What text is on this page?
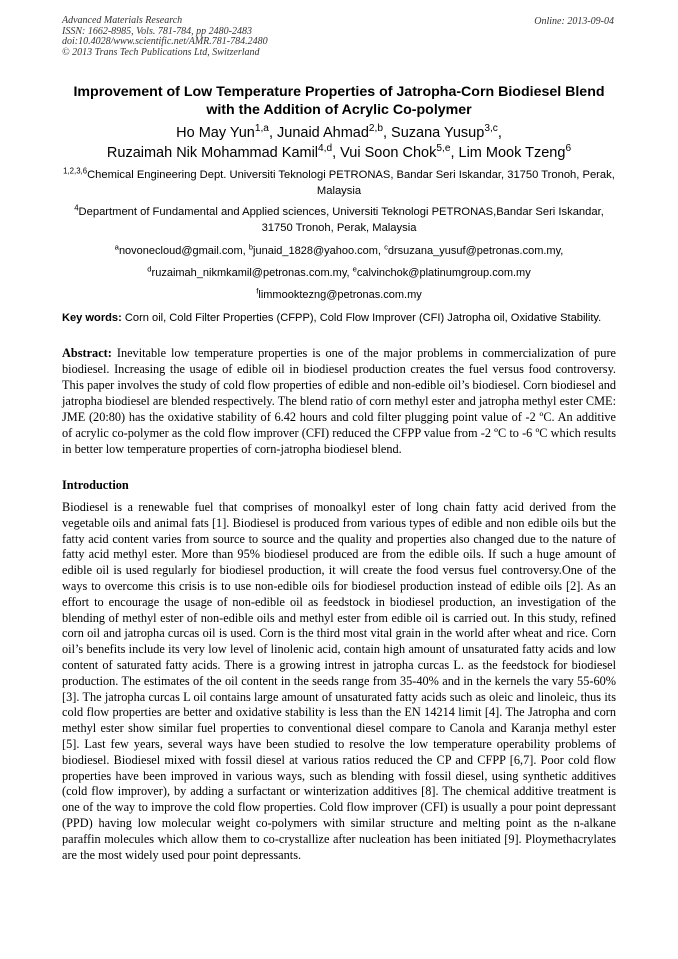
Advanced Materials Research
ISSN: 1662-8985, Vols. 781-784, pp 2480-2483
doi:10.4028/www.scientific.net/AMR.781-784.2480
© 2013 Trans Tech Publications Ltd, Switzerland
Online: 2013-09-04
Improvement of Low Temperature Properties of Jatropha-Corn Biodiesel Blend with the Addition of Acrylic Co-polymer
Ho May Yun$^{1,a}$, Junaid Ahmad$^{2,b}$, Suzana Yusup$^{3,c}$,
Ruzaimah Nik Mohammad Kamil$^{4,d}$, Vui Soon Chok$^{5,e}$, Lim Mook Tzeng$^6$
$^{1,2,3,6}$Chemical Engineering Dept. Universiti Teknologi PETRONAS, Bandar Seri Iskandar, 31750 Tronoh, Perak, Malaysia
$^4$Department of Fundamental and Applied sciences, Universiti Teknologi PETRONAS,Bandar Seri Iskandar, 31750 Tronoh, Perak, Malaysia
$^a$novonecloud@gmail.com, $^b$junaid_1828@yahoo.com, $^c$drsuzana_yusuf@petronas.com.my,
$^d$ruzaimah_nikmkamil@petronas.com.my, $^e$calvinchok@platinumgroup.com.my
$^f$limmooktezng@petronas.com.my
Key words: Corn oil, Cold Filter Properties (CFPP), Cold Flow Improver (CFI) Jatropha oil, Oxidative Stability.
Abstract: Inevitable low temperature properties is one of the major problems in commercialization of pure biodiesel. Increasing the usage of edible oil in biodiesel production creates the fuel versus food controversy. This paper involves the study of cold flow properties of edible and non-edible oil’s biodiesel. Corn biodiesel and jatropha biodiesel are blended respectively. The blend ratio of corn methyl ester and jatropha methyl ester CME: JME (20:80) has the oxidative stability of 6.42 hours and cold filter plugging point value of -2 ºC. An additive of acrylic co-polymer as the cold flow improver (CFI) reduced the CFPP value from -2 ºC to -6 ºC which results in better low temperature properties of corn-jatropha biodiesel blend.
Introduction
Biodiesel is a renewable fuel that comprises of monoalkyl ester of long chain fatty acid derived from the vegetable oils and animal fats [1]. Biodiesel is produced from various types of edible and non edible oils but the fatty acid content varies from source to source and the quality and properties also changed due to the nature of fatty acid methyl ester. More than 95% biodiesel produced are from the edible oils. If such a huge amount of edible oil is used regularly for biodiesel production, it will create the food versus fuel controversy.One of the ways to overcome this crisis is to use non-edible oils for biodiesel production instead of edible oils [2]. As an effort to encourage the usage of non-edible oil as feedstock in biodiesel production, an investigation of the blending of methyl ester of non-edible oils and methyl ester from edible oil is carried out. In this study, refined corn oil and jatropha curcas oil is used. Corn is the third most vital grain in the world after wheat and rice. Corn oil’s benefits include its very low level of linolenic acid, contain high amount of unsaturated fatty acids and low content of saturated fatty acids. There is a growing intrest in jatropha curcas L. as the feedstock for biodiesel production. The estimates of the oil content in the seeds range from 35-40% and in the kernels the vary 55-60% [3]. The jatropha curcas L oil contains large amount of unsaturated fatty acids such as oleic and linoleic, thus its cold flow properties are better and oxidative stability is less than the EN 14214 limit [4]. The Jatropha and corn methyl ester show similar fuel properties to conventional diesel compare to Canola and Karanja methyl ester [5]. Last few years, several ways have been studied to resolve the low temperature operability problems of biodiesel. Biodiesel mixed with fossil diesel at various ratios reduced the CP and CFPP [6,7]. Poor cold flow properties have been improved in various ways, such as blending with fossil diesel, using synthetic additives (cold flow improver), by adding a surfactant or winterization additives [8]. The chemical additive treatment is one of the way to improve the cold flow properties. Cold flow improver (CFI) is usually a pour point depressant (PPD) having low molecular weight co-polymers with similar structure and melting point as the n-alkane paraffin molecules which allow them to co-crystallize after nucleation has been initiated [9]. Ploymethacrylates are the most widely used pour point depressants.
